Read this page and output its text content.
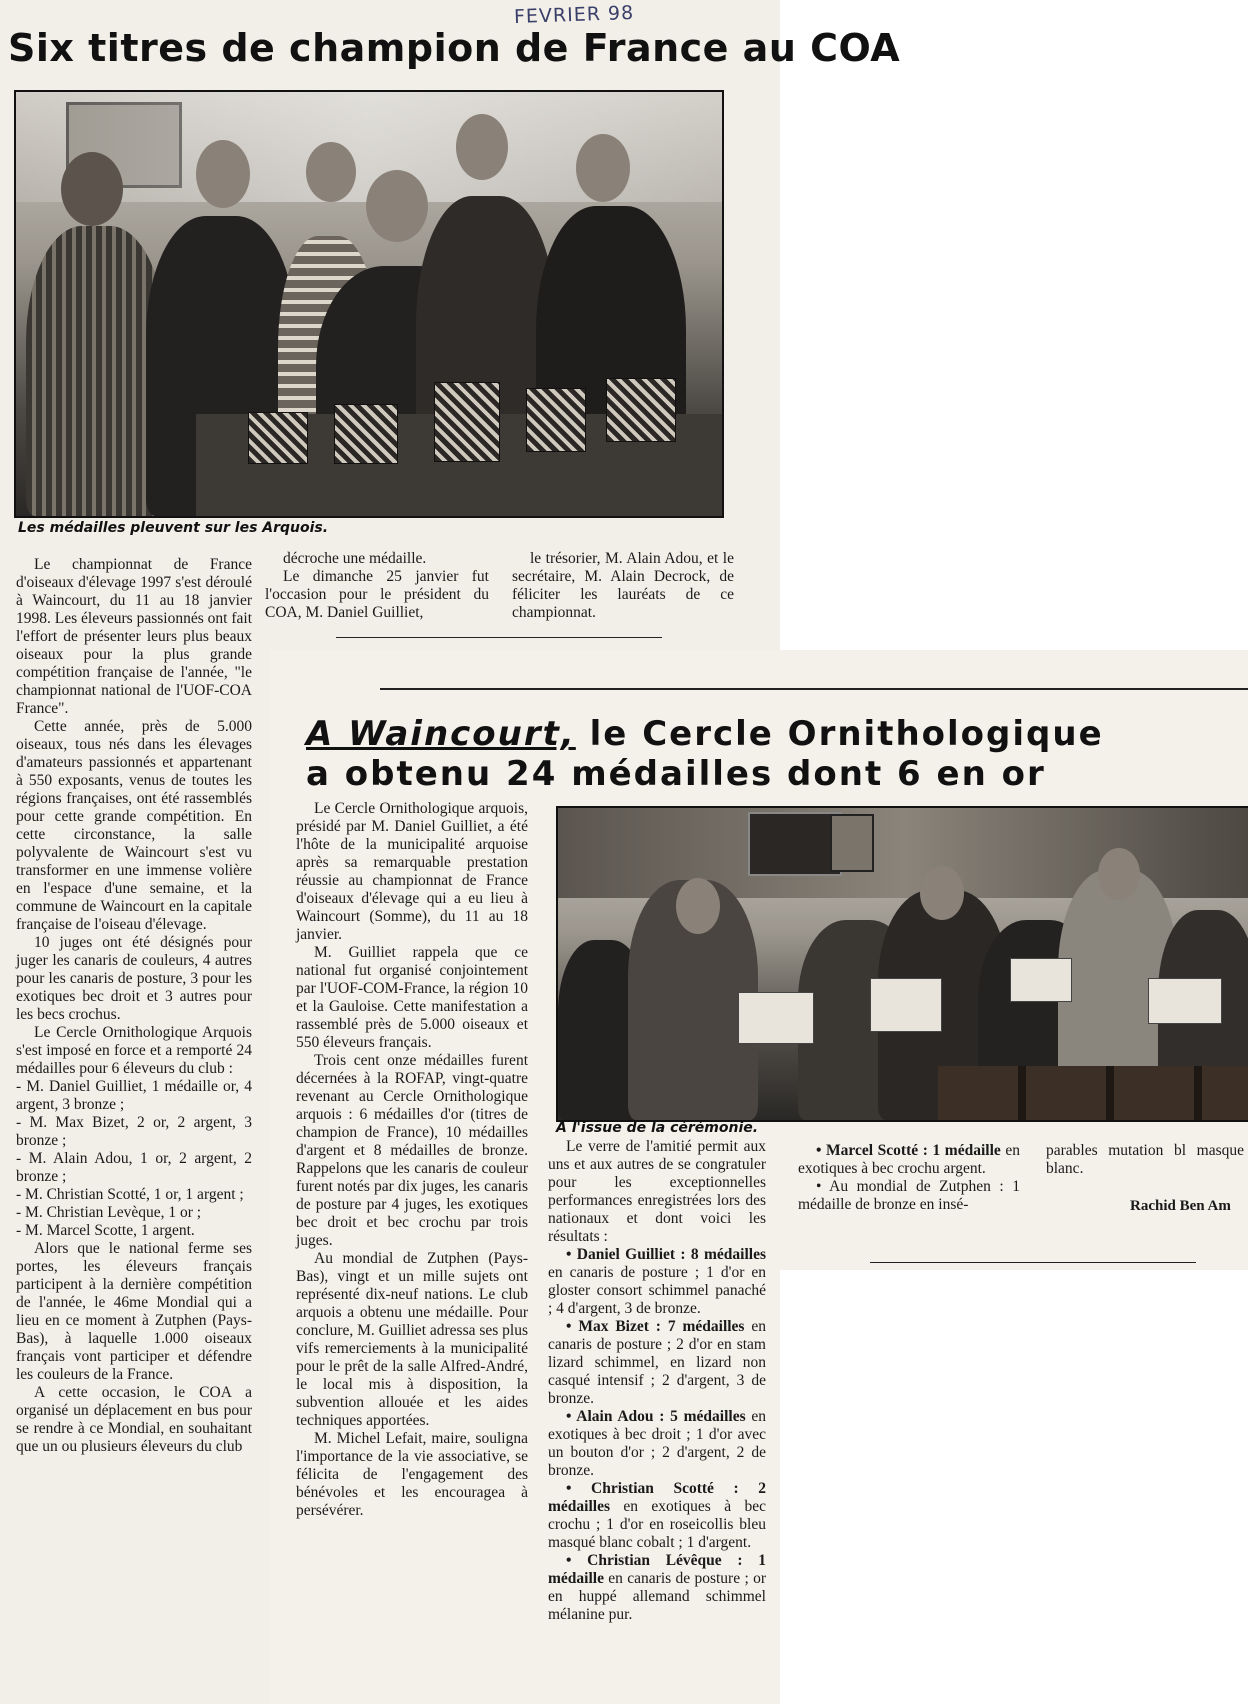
FEVRIER 98
Six titres de champion de France au COA
Les médailles pleuvent sur les Arquois.

Le championnat de France d'oiseaux d'élevage 1997 s'est déroulé à Waincourt, du 11 au 18 janvier 1998. Les éleveurs passionnés ont fait l'effort de présenter leurs plus beaux oiseaux pour la plus grande compétition française de l'année, "le championnat national de l'UOF-COA France".

Cette année, près de 5.000 oiseaux, tous nés dans les élevages d'amateurs passionnés et appartenant à 550 exposants, venus de toutes les régions françaises, ont été rassemblés pour cette grande compétition. En cette circonstance, la salle polyvalente de Waincourt s'est vu transformer en une immense volière en l'espace d'une semaine, et la commune de Waincourt en la capitale française de l'oiseau d'élevage.

10 juges ont été désignés pour juger les canaris de couleurs, 4 autres pour les canaris de posture, 3 pour les exotiques bec droit et 3 autres pour les becs crochus.

Le Cercle Ornithologique Arquois s'est imposé en force et a remporté 24 médailles pour 6 éleveurs du club :

- M. Daniel Guilliet, 1 médaille or, 4 argent, 3 bronze ;

- M. Max Bizet, 2 or, 2 argent, 3 bronze ;

- M. Alain Adou, 1 or, 2 argent, 2 bronze ;

- M. Christian Scotté, 1 or, 1 argent ;

- M. Christian Levèque, 1 or ;

- M. Marcel Scotte, 1 argent.

Alors que le national ferme ses portes, les éleveurs français participent à la dernière compétition de l'année, le 46me Mondial qui a lieu en ce moment à Zutphen (Pays-Bas), à laquelle 1.000 oiseaux français vont participer et défendre les couleurs de la France.

A cette occasion, le COA a organisé un déplacement en bus pour se rendre à ce Mondial, en souhaitant que un ou plusieurs éleveurs du club

décroche une médaille.

Le dimanche 25 janvier fut l'occasion pour le président du COA, M. Daniel Guilliet,

le trésorier, M. Alain Adou, et le secrétaire, M. Alain Decrock, de féliciter les lauréats de ce championnat.

A Waincourt, le Cercle Ornithologique
a obtenu 24 médailles dont 6 en or
A l'issue de la cérémonie.

Le Cercle Ornithologique arquois, présidé par M. Daniel Guilliet, a été l'hôte de la municipalité arquoise après sa remarquable prestation réussie au championnat de France d'oiseaux d'élevage qui a eu lieu à Waincourt (Somme), du 11 au 18 janvier.

M. Guilliet rappela que ce national fut organisé conjointement par l'UOF-COM-France, la région 10 et la Gauloise. Cette manifestation a rassemblé près de 5.000 oiseaux et 550 éleveurs français.

Trois cent onze médailles furent décernées à la ROFAP, vingt-quatre revenant au Cercle Ornithologique arquois : 6 médailles d'or (titres de champion de France), 10 médailles d'argent et 8 médailles de bronze. Rappelons que les canaris de couleur furent notés par dix juges, les canaris de posture par 4 juges, les exotiques bec droit et bec crochu par trois juges.

Au mondial de Zutphen (Pays-Bas), vingt et un mille sujets ont représenté dix-neuf nations. Le club arquois a obtenu une médaille. Pour conclure, M. Guilliet adressa ses plus vifs remerciements à la municipalité pour le prêt de la salle Alfred-André, le local mis à disposition, la subvention allouée et les aides techniques apportées.

M. Michel Lefait, maire, souligna l'importance de la vie associative, se félicita de l'engagement des bénévoles et les encouragea à persévérer.

Le verre de l'amitié permit aux uns et aux autres de se congratuler pour les exceptionnelles performances enregistrées lors des nationaux et dont voici les résultats :

• Daniel Guilliet : 8 médailles en canaris de posture ; 1 d'or en gloster consort schimmel panaché ; 4 d'argent, 3 de bronze.

• Max Bizet : 7 médailles en canaris de posture ; 2 d'or en stam lizard schimmel, en lizard non casqué intensif ; 2 d'argent, 3 de bronze.

• Alain Adou : 5 médailles en exotiques à bec droit ; 1 d'or avec un bouton d'or ; 2 d'argent, 2 de bronze.

• Christian Scotté : 2 médailles en exotiques à bec crochu ; 1 d'or en roseicollis bleu masqué blanc cobalt ; 1 d'argent.

• Christian Lévêque : 1 médaille en canaris de posture ; or en huppé allemand schimmel mélanine pur.

• Marcel Scotté : 1 médaille en exotiques à bec crochu argent.

• Au mondial de Zutphen : 1 médaille de bronze en insé-

parables mutation bl masque blanc.

Rachid Ben Am
